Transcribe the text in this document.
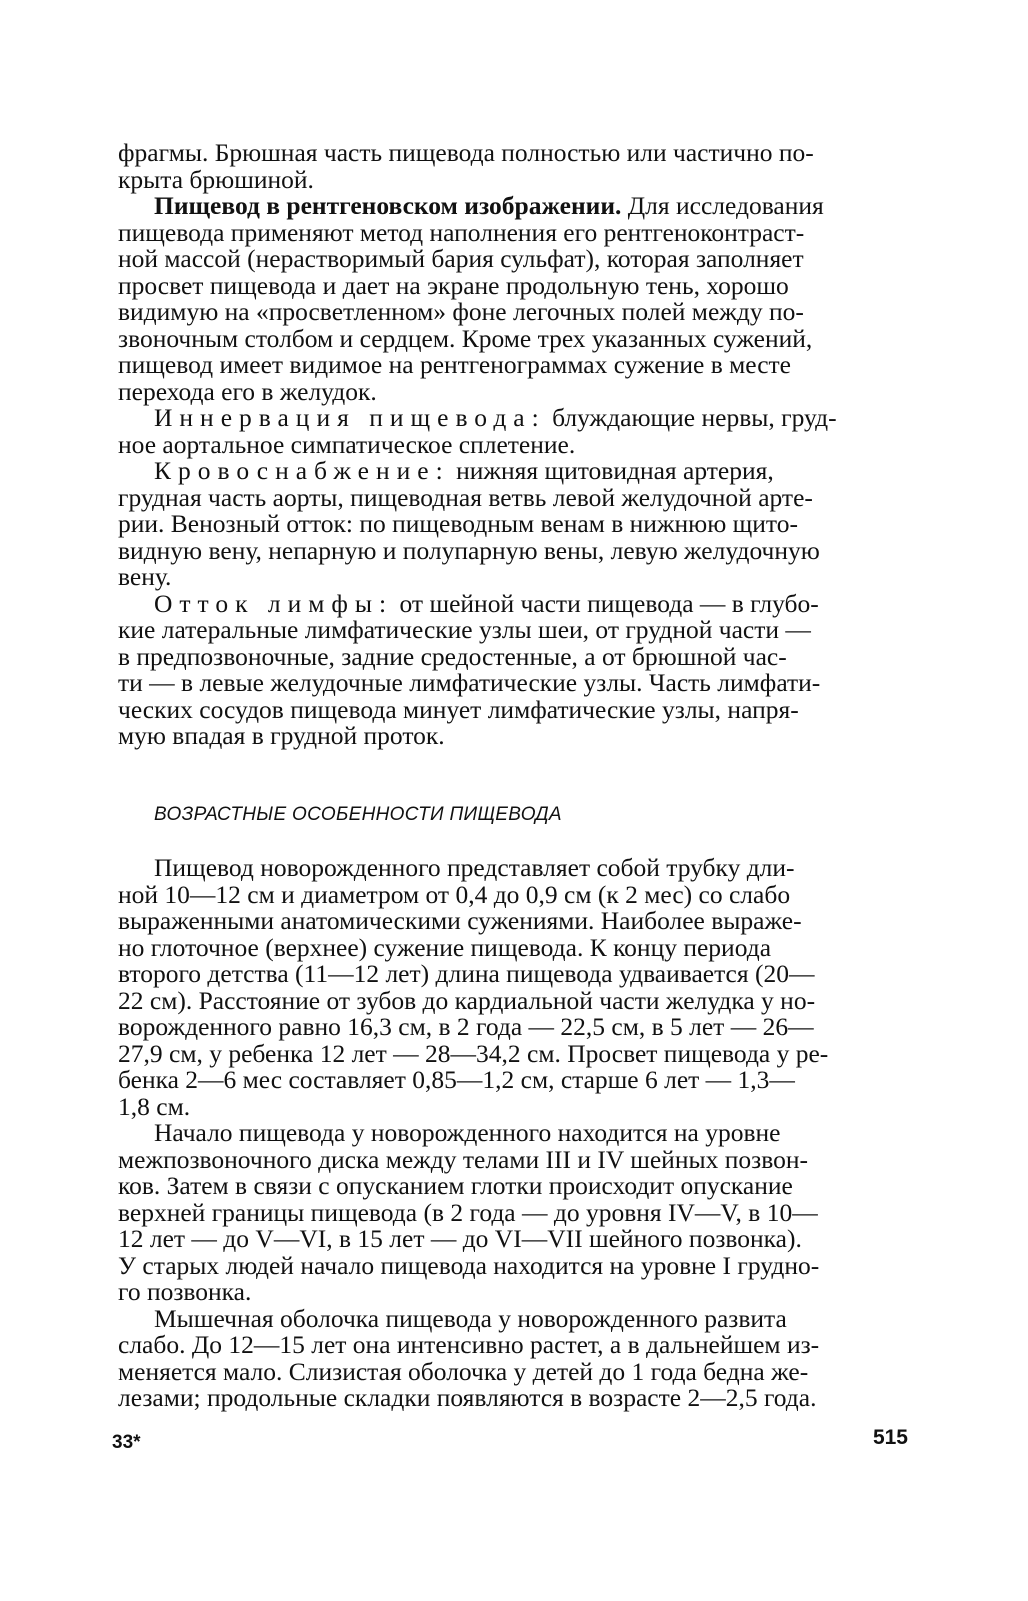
фрагмы. Брюшная часть пищевода полностью или частично по-
крыта брюшиной.

Пищевод в рентгеновском изображении. Для исследования
пищевода применяют метод наполнения его рентгеноконтраст-
ной массой (нерастворимый бария сульфат), которая заполняет
просвет пищевода и дает на экране продольную тень, хорошо
видимую на «просветленном» фоне легочных полей между по-
звоночным столбом и сердцем. Кроме трех указанных сужений,
пищевод имеет видимое на рентгенограммах сужение в месте
перехода его в желудок.

Иннервация пищевода: блуждающие нервы, груд-
ное аортальное симпатическое сплетение.

Кровоснабжение: нижняя щитовидная артерия,
грудная часть аорты, пищеводная ветвь левой желудочной арте-
рии. Венозный отток: по пищеводным венам в нижнюю щито-
видную вену, непарную и полупарную вены, левую желудочную
вену.

Отток лимфы: от шейной части пищевода — в глубо-
кие латеральные лимфатические узлы шеи, от грудной части —
в предпозвоночные, задние средостенные, а от брюшной час-
ти — в левые желудочные лимфатические узлы. Часть лимфати-
ческих сосудов пищевода минует лимфатические узлы, напря-
мую впадая в грудной проток.

ВОЗРАСТНЫЕ ОСОБЕННОСТИ ПИЩЕВОДА

Пищевод новорожденного представляет собой трубку дли-
ной 10—12 см и диаметром от 0,4 до 0,9 см (к 2 мес) со слабо
выраженными анатомическими сужениями. Наиболее выраже-
но глоточное (верхнее) сужение пищевода. К концу периода
второго детства (11—12 лет) длина пищевода удваивается (20—
22 см). Расстояние от зубов до кардиальной части желудка у но-
ворожденного равно 16,3 см, в 2 года — 22,5 см, в 5 лет — 26—
27,9 см, у ребенка 12 лет — 28—34,2 см. Просвет пищевода у ре-
бенка 2—6 мес составляет 0,85—1,2 см, старше 6 лет — 1,3—
1,8 см.

Начало пищевода у новорожденного находится на уровне
межпозвоночного диска между телами III и IV шейных позвон-
ков. Затем в связи с опусканием глотки происходит опускание
верхней границы пищевода (в 2 года — до уровня IV—V, в 10—
12 лет — до V—VI, в 15 лет — до VI—VII шейного позвонка).
У старых людей начало пищевода находится на уровне I грудно-
го позвонка.

Мышечная оболочка пищевода у новорожденного развита
слабо. До 12—15 лет она интенсивно растет, а в дальнейшем из-
меняется мало. Слизистая оболочка у детей до 1 года бедна же-
лезами; продольные складки появляются в возрасте 2—2,5 года.

33*	515
